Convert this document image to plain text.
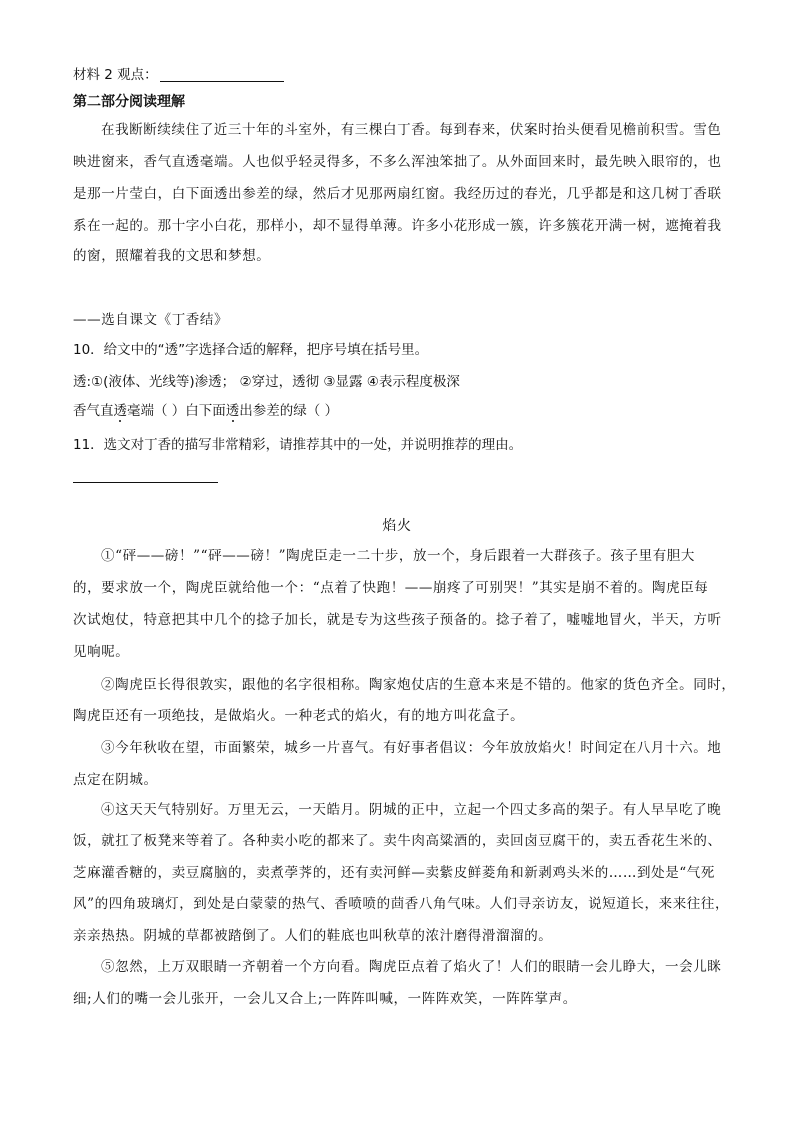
材料 2 观点：
第二部分阅读理解
在我断断续续住了近三十年的斗室外，有三棵白丁香。每到春来，伏案时抬头便看见檐前积雪。雪色
映进窗来，香气直透毫端。人也似乎轻灵得多，不多么浑浊笨拙了。从外面回来时，最先映入眼帘的，也
是那一片莹白，白下面透出参差的绿，然后才见那两扇红窗。我经历过的春光，几乎都是和这几树丁香联
系在一起的。那十字小白花，那样小，却不显得单薄。许多小花形成一簇，许多簇花开满一树，遮掩着我
的窗，照耀着我的文思和梦想。
——选自课文《丁香结》
10．给文中的“透”字选择合适的解释，把序号填在括号里。
透:①(液体、光线等)渗透； ②穿过，透彻 ③显露 ④表示程度极深
香气直透毫端（ ）白下面透出参差的绿（ ）
11．选文对丁香的描写非常精彩，请推荐其中的一处，并说明推荐的理由。
焰火
①“砰——磅！”“砰——磅！”陶虎臣走一二十步，放一个，身后跟着一大群孩子。孩子里有胆大
的，要求放一个，陶虎臣就给他一个：“点着了快跑！——崩疼了可别哭！”其实是崩不着的。陶虎臣每
次试炮仗，特意把其中几个的捻子加长，就是专为这些孩子预备的。捻子着了，嘘嘘地冒火，半天，方听
见响呢。
②陶虎臣长得很敦实，跟他的名字很相称。陶家炮仗店的生意本来是不错的。他家的货色齐全。同时，
陶虎臣还有一项绝技，是做焰火。一种老式的焰火，有的地方叫花盒子。
③今年秋收在望，市面繁荣，城乡一片喜气。有好事者倡议：今年放放焰火！时间定在八月十六。地
点定在阴城。
④这天天气特别好。万里无云，一天皓月。阴城的正中，立起一个四丈多高的架子。有人早早吃了晚
饭，就扛了板凳来等着了。各种卖小吃的都来了。卖牛肉高粱酒的，卖回卤豆腐干的，卖五香花生米的、
芝麻灌香糖的，卖豆腐脑的，卖煮荸荠的，还有卖河鲜—卖紫皮鲜菱角和新剥鸡头米的……到处是“气死
风”的四角玻璃灯，到处是白蒙蒙的热气、香喷喷的茴香八角气味。人们寻亲访友，说短道长，来来往往，
亲亲热热。阴城的草都被踏倒了。人们的鞋底也叫秋草的浓汁磨得滑溜溜的。
⑤忽然，上万双眼睛一齐朝着一个方向看。陶虎臣点着了焰火了！人们的眼睛一会儿睁大，一会儿眯
细;人们的嘴一会儿张开，一会儿又合上;一阵阵叫喊，一阵阵欢笑，一阵阵掌声。
